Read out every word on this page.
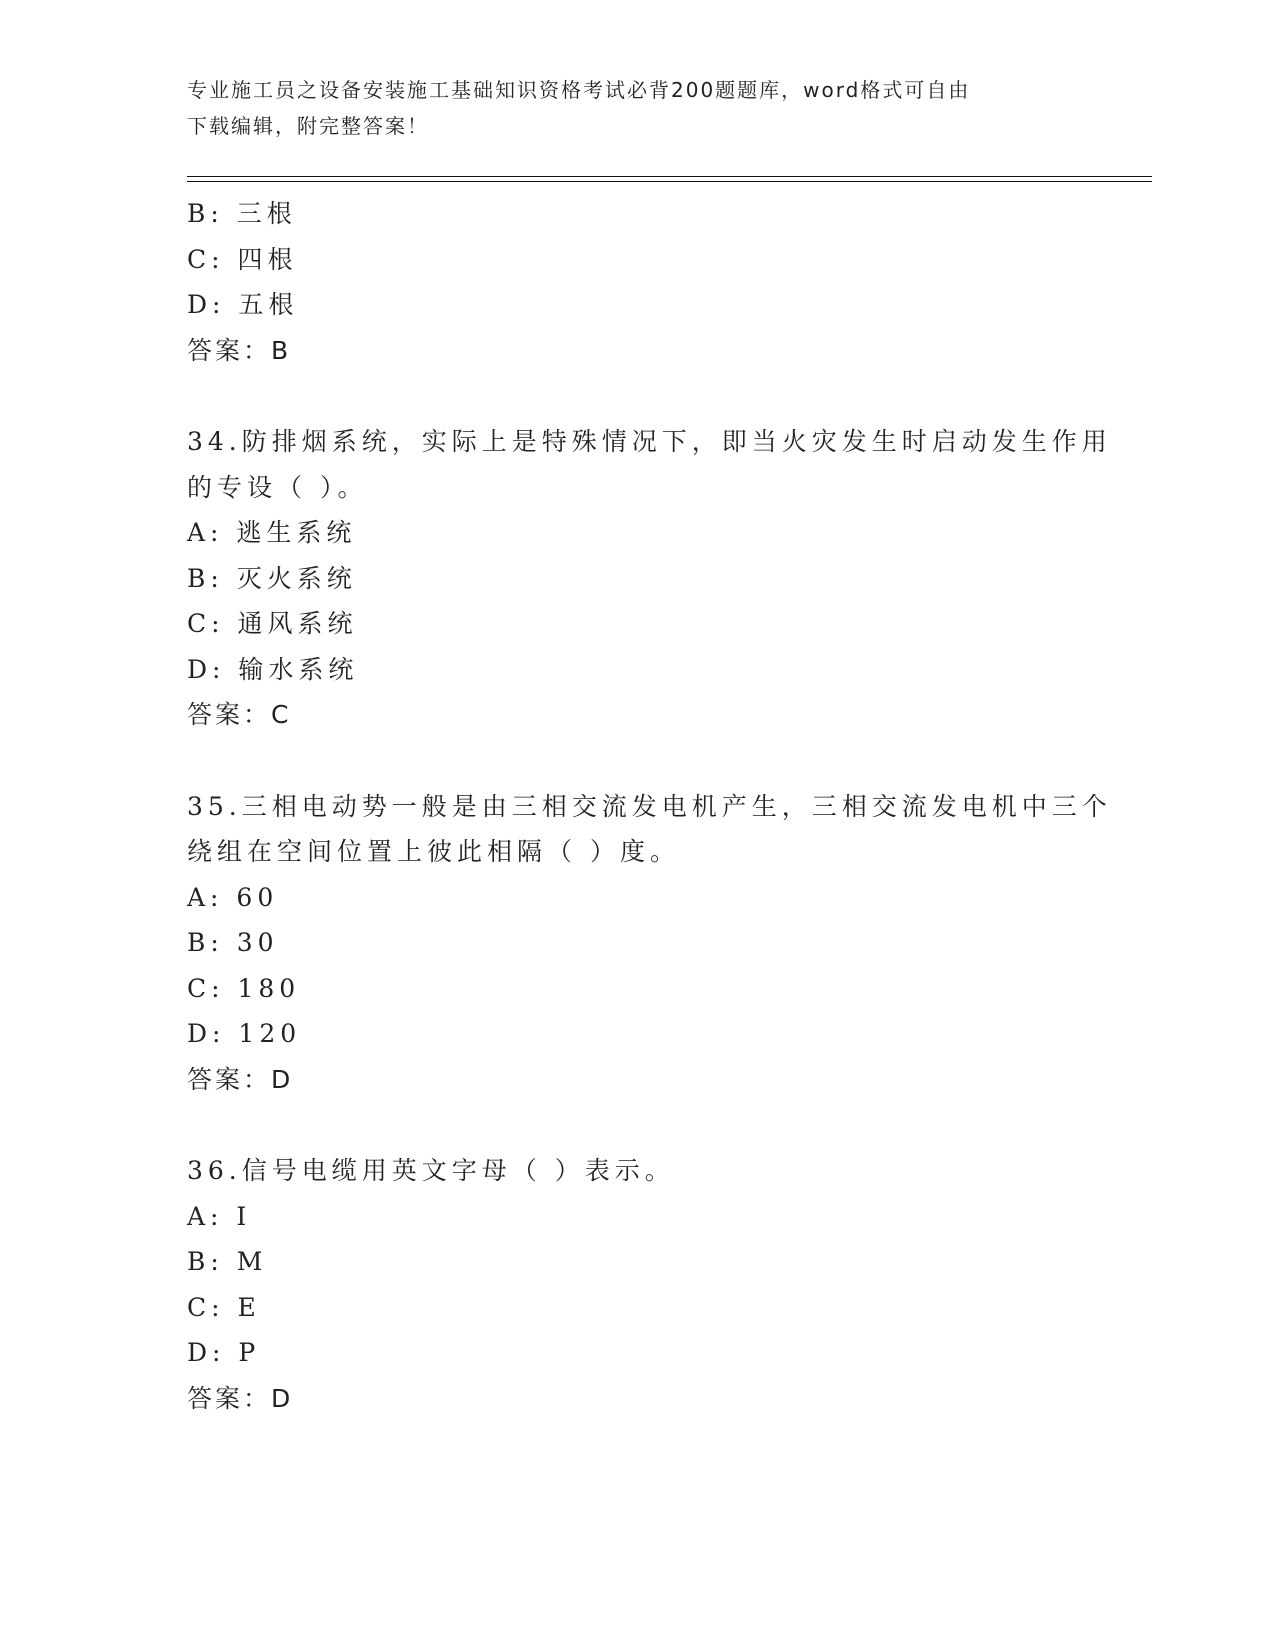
专业施工员之设备安装施工基础知识资格考试必背200题题库，word格式可自由
下载编辑，附完整答案！
B: 三根
C: 四根
D: 五根
答案：B
34.防排烟系统，实际上是特殊情况下，即当火灾发生时启动发生作用
的专设（ ）。
A: 逃生系统
B: 灭火系统
C: 通风系统
D: 输水系统
答案：C
35.三相电动势一般是由三相交流发电机产生，三相交流发电机中三个
绕组在空间位置上彼此相隔（ ）度。
A: 60
B: 30
C: 180
D: 120
答案：D
36.信号电缆用英文字母（ ）表示。
A: I
B: M
C: E
D: P
答案：D
